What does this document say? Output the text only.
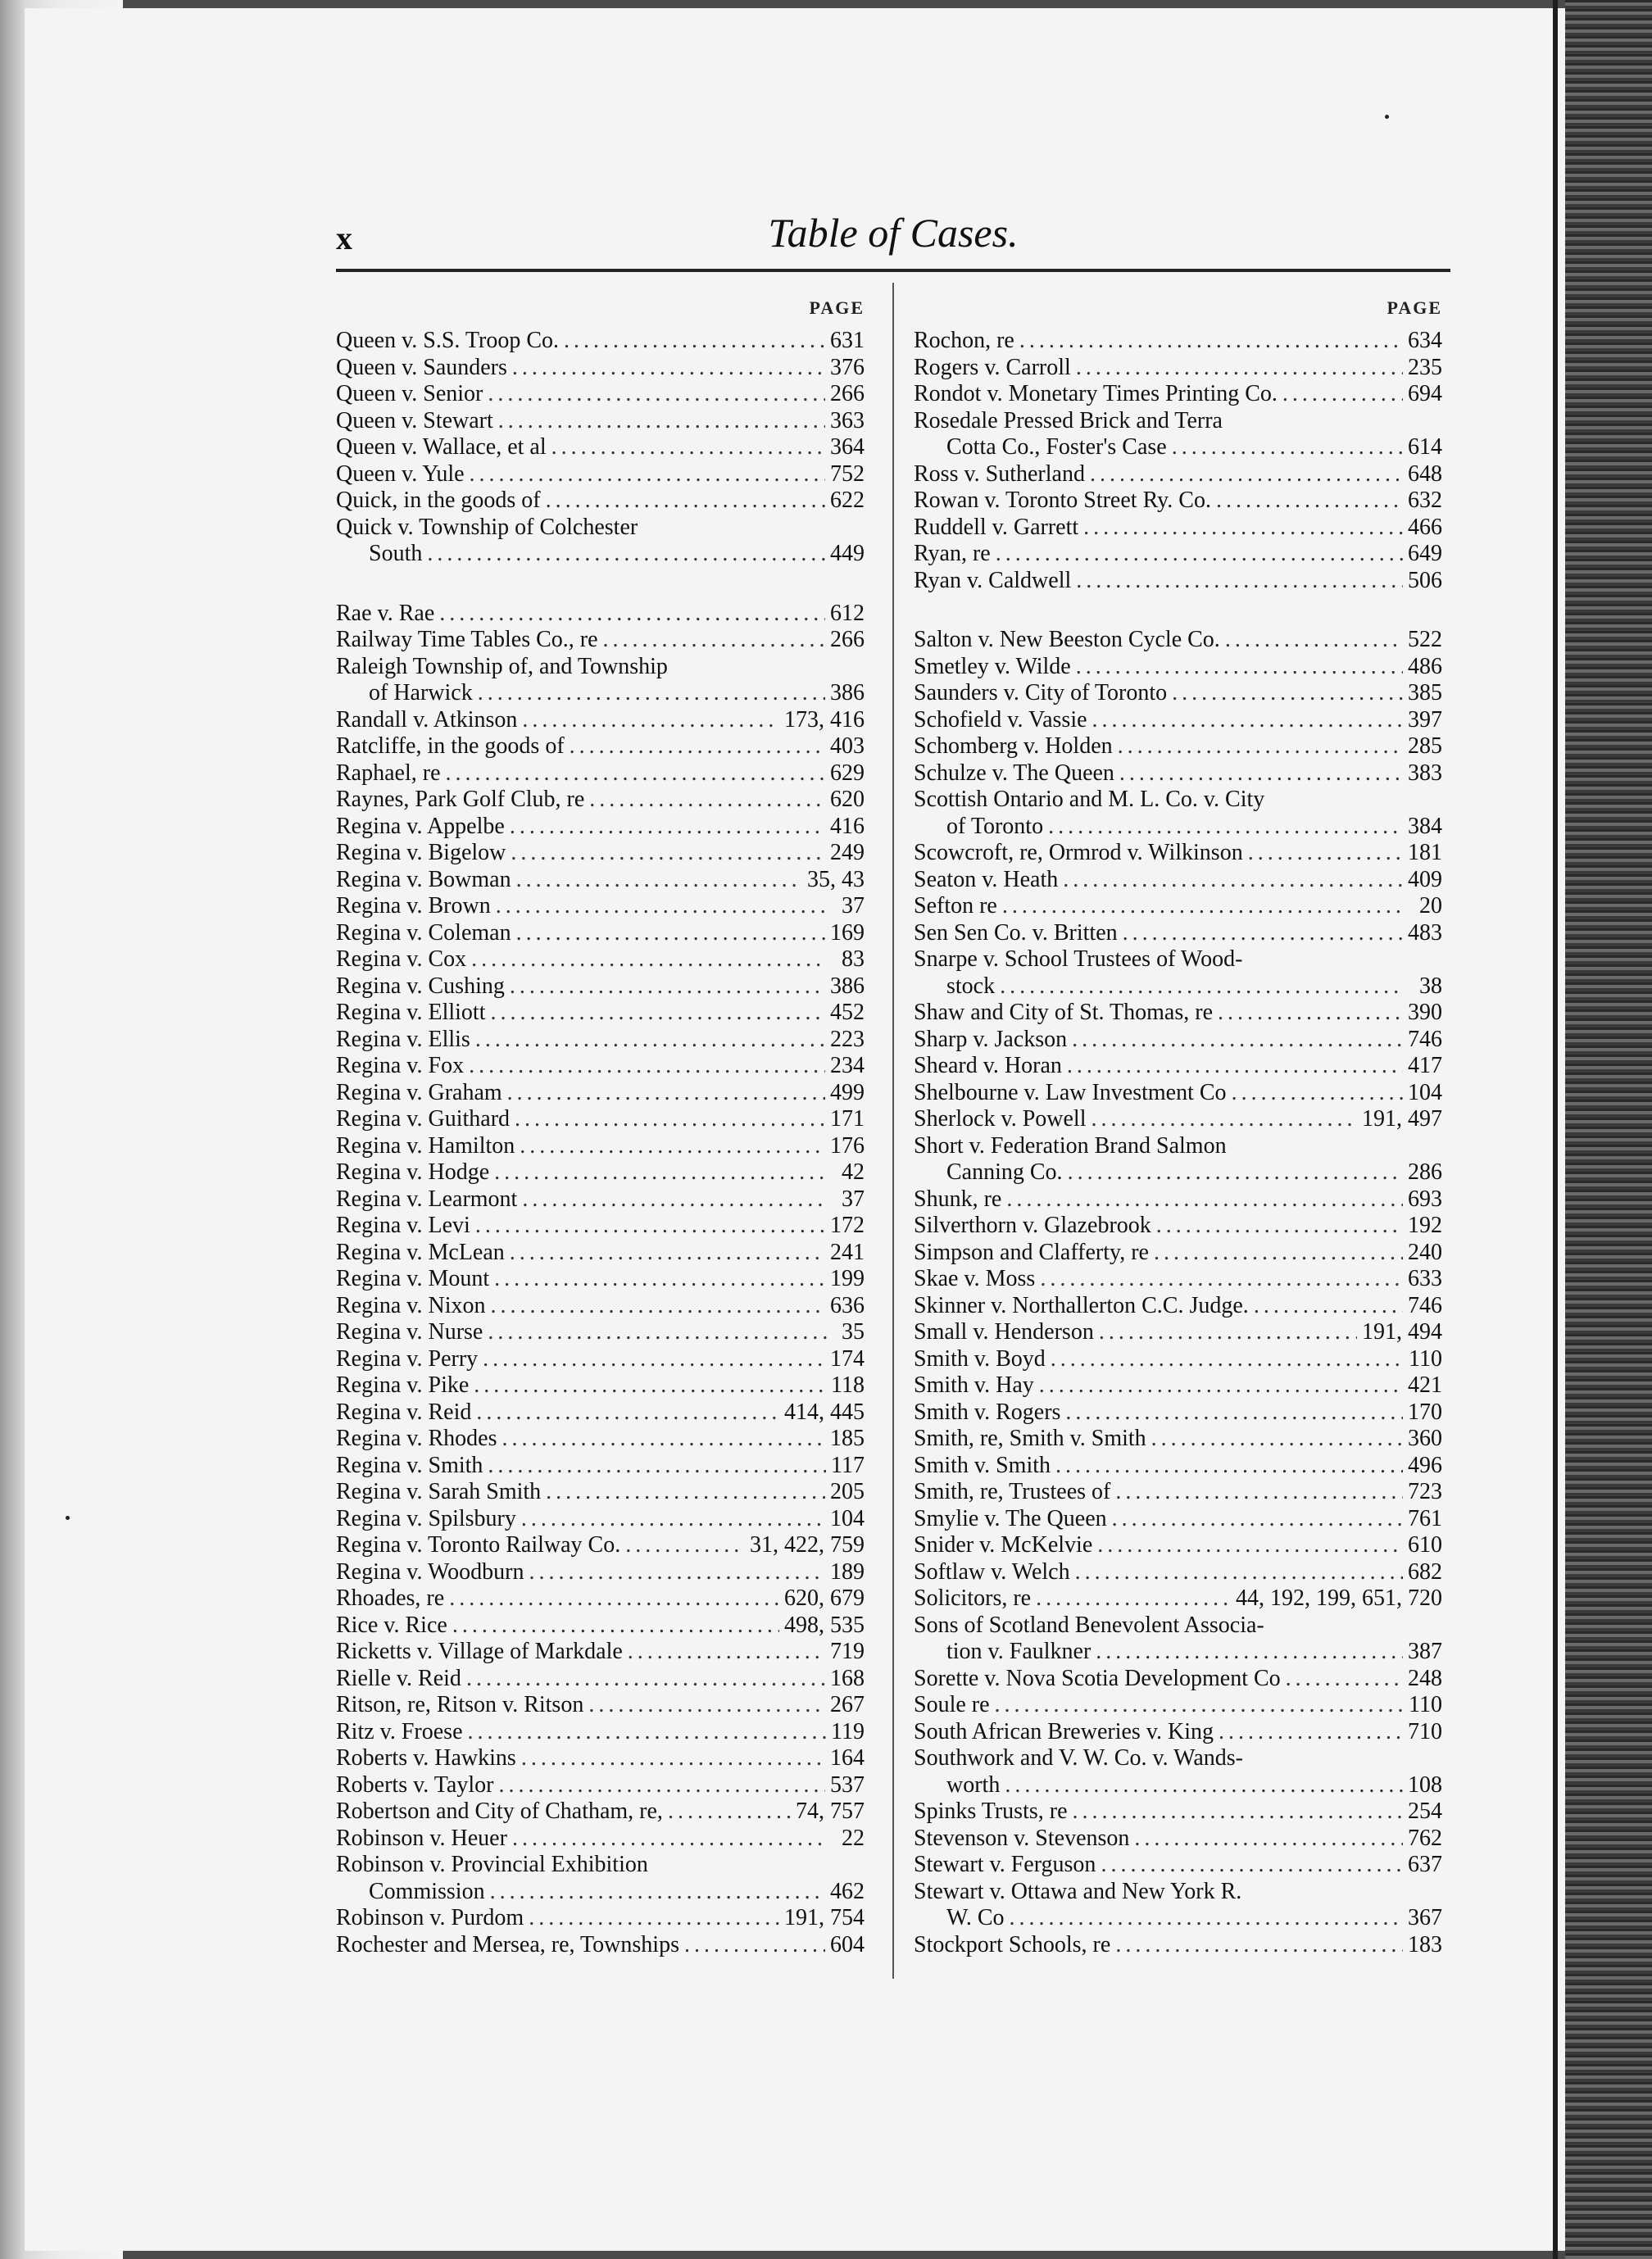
x	Table of Cases.
PAGE
Queen v. S.S. Troop Co. . . .	631
Queen v. Saunders . . .	376
Queen v. Senior . . .	266
Queen v. Stewart . . .	363
Queen v. Wallace, et al . . .	364
Queen v. Yule . . .	752
Quick, in the goods of . . .	622
Quick v. Township of Colchester
South . . .	449
Rae v. Rae . . .	612
Railway Time Tables Co., re . . .	266
Raleigh Township of, and Township
of Harwick . . .	386
Randall v. Atkinson . . .	173, 416
Ratcliffe, in the goods of . . .	403
Raphael, re . . .	629
Raynes, Park Golf Club, re . . .	620
Regina v. Appelbe . . .	416
Regina v. Bigelow . . .	249
Regina v. Bowman . . .	35, 43
Regina v. Brown . . .	37
Regina v. Coleman . . .	169
Regina v. Cox . . .	83
Regina v. Cushing . . .	386
Regina v. Elliott . . .	452
Regina v. Ellis . . .	223
Regina v. Fox . . .	234
Regina v. Graham . . .	499
Regina v. Guithard . . .	171
Regina v. Hamilton . . .	176
Regina v. Hodge . . .	42
Regina v. Learmont . . .	37
Regina v. Levi . . .	172
Regina v. McLean . . .	241
Regina v. Mount . . .	199
Regina v. Nixon . . .	636
Regina v. Nurse . . .	35
Regina v. Perry . . .	174
Regina v. Pike . . .	118
Regina v. Reid . . .	414, 445
Regina v. Rhodes . . .	185
Regina v. Smith . . .	117
Regina v. Sarah Smith . . .	205
Regina v. Spilsbury . . .	104
Regina v. Toronto Railway Co. . . .	31, 422, 759
Regina v. Woodburn . . .	189
Rhoades, re . . .	620, 679
Rice v. Rice . . .	498, 535
Ricketts v. Village of Markdale . . .	719
Rielle v. Reid . . .	168
Ritson, re, Ritson v. Ritson . . .	267
Ritz v. Froese . . .	119
Roberts v. Hawkins . . .	164
Roberts v. Taylor . . .	537
Robertson and City of Chatham, re, . . .	74, 757
Robinson v. Heuer . . .	22
Robinson v. Provincial Exhibition
Commission . . .	462
Robinson v. Purdom . . .	191, 754
Rochester and Mersea, re, Townships . . .	604
PAGE
Rochon, re . . .	634
Rogers v. Carroll . . .	235
Rondot v. Monetary Times Printing Co. . . .	694
Rosedale Pressed Brick and Terra
Cotta Co., Foster's Case . . .	614
Ross v. Sutherland . . .	648
Rowan v. Toronto Street Ry. Co. . . .	632
Ruddell v. Garrett . . .	466
Ryan, re . . .	649
Ryan v. Caldwell . . .	506
Salton v. New Beeston Cycle Co. . . .	522
Smetley v. Wilde . . .	486
Saunders v. City of Toronto . . .	385
Schofield v. Vassie . . .	397
Schomberg v. Holden . . .	285
Schulze v. The Queen . . .	383
Scottish Ontario and M. L. Co. v. City
of Toronto . . .	384
Scowcroft, re, Ormrod v. Wilkinson . . .	181
Seaton v. Heath . . .	409
Sefton re . . .	20
Sen Sen Co. v. Britten . . .	483
Snarpe v. School Trustees of Wood-
stock . . .	38
Shaw and City of St. Thomas, re . . .	390
Sharp v. Jackson . . .	746
Sheard v. Horan . . .	417
Shelbourne v. Law Investment Co . . .	104
Sherlock v. Powell . . .	191, 497
Short v. Federation Brand Salmon
Canning Co. . . .	286
Shunk, re . . .	693
Silverthorn v. Glazebrook . . .	192
Simpson and Clafferty, re . . .	240
Skae v. Moss . . .	633
Skinner v. Northallerton C.C. Judge. . . .	746
Small v. Henderson . . .	191, 494
Smith v. Boyd . . .	110
Smith v. Hay . . .	421
Smith v. Rogers . . .	170
Smith, re, Smith v. Smith . . .	360
Smith v. Smith . . .	496
Smith, re, Trustees of . . .	723
Smylie v. The Queen . . .	761
Snider v. McKelvie . . .	610
Softlaw v. Welch . . .	682
Solicitors, re . . .	44, 192, 199, 651, 720
Sons of Scotland Benevolent Associa-
tion v. Faulkner . . .	387
Sorette v. Nova Scotia Development Co . . .	248
Soule re . . .	110
South African Breweries v. King . . .	710
Southwork and V. W. Co. v. Wands-
worth . . .	108
Spinks Trusts, re . . .	254
Stevenson v. Stevenson . . .	762
Stewart v. Ferguson . . .	637
Stewart v. Ottawa and New York R.
W. Co . . .	367
Stockport Schools, re . . .	183
